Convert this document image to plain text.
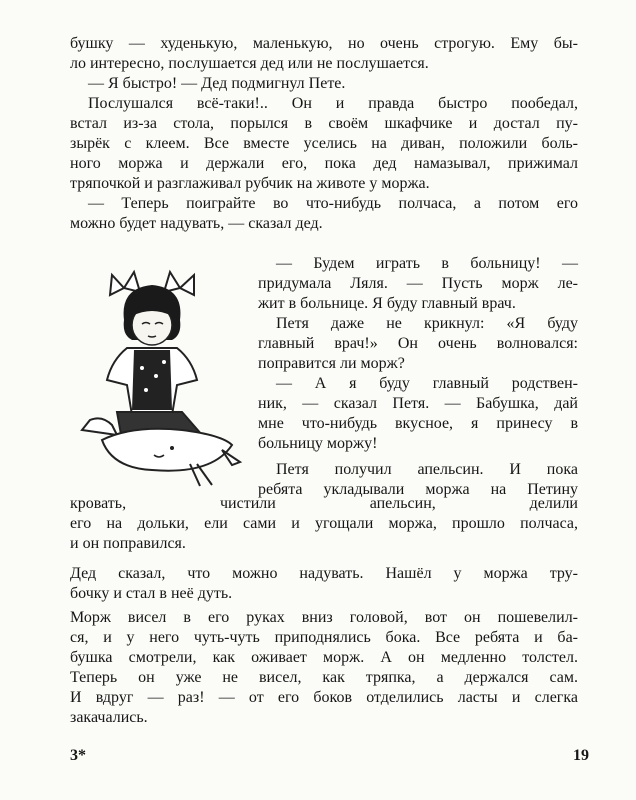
бушку — худенькую, маленькую, но очень строгую. Ему бы-
ло интересно, послушается дед или не послушается.
— Я быстро! — Дед подмигнул Пете.
Послушался всё-таки!.. Он и правда быстро пообедал,
встал из-за стола, порылся в своём шкафчике и достал пу-
зырёк с клеем. Все вместе уселись на диван, положили боль-
ного моржа и держали его, пока дед намазывал, прижимал
тряпочкой и разглаживал рубчик на животе у моржа.
— Теперь поиграйте во что-нибудь полчаса, а потом его
можно будет надувать, — сказал дед.
— Будем играть в больницу! —
придумала Ляля. — Пусть морж ле-
жит в больнице. Я буду главный врач.
Петя даже не крикнул: «Я буду
главный врач!» Он очень волновался:
поправится ли морж?
— А я буду главный родствен-
ник, — сказал Петя. — Бабушка, дай
мне что-нибудь вкусное, я принесу в
больницу моржу!
Петя получил апельсин. И пока
ребята укладывали моржа на Петину
кровать, чистили апельсин, делили
его на дольки, ели сами и угощали моржа, прошло полчаса,
и он поправился.
Дед сказал, что можно надувать. Нашёл у моржа тру-
бочку и стал в неё дуть.
Морж висел в его руках вниз головой, вот он пошевелил-
ся, и у него чуть-чуть приподнялись бока. Все ребята и ба-
бушка смотрели, как оживает морж. А он медленно толстел.
Теперь он уже не висел, как тряпка, а держался сам.
И вдруг — раз! — от его боков отделились ласты и слегка
закачались.
3*	19
